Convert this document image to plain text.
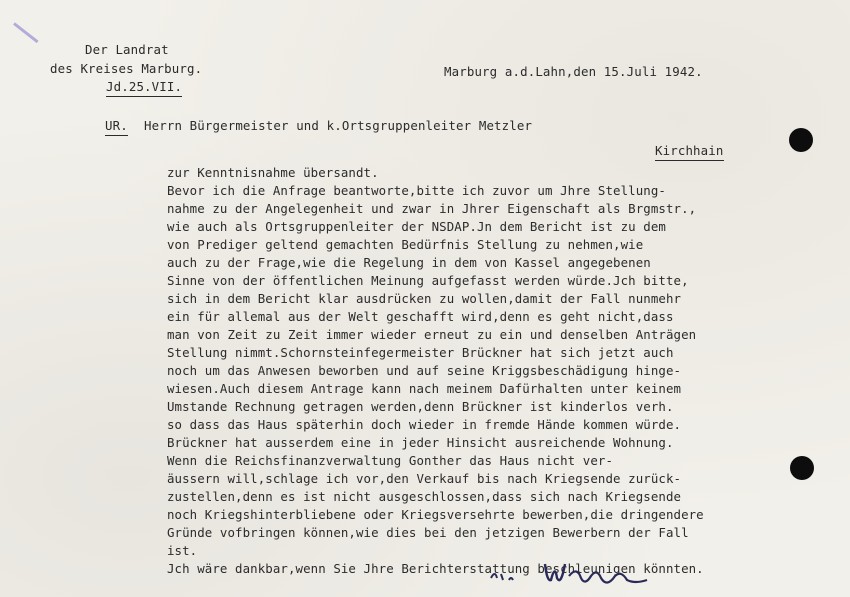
Der Landrat
des Kreises Marburg.
Jd.25.VII.
Marburg a.d.Lahn,den 15.Juli 1942.
UR. Herrn Bürgermeister und k.Ortsgruppenleiter Metzler
Kirchhain
zur Kenntnisnahme übersandt.
Bevor ich die Anfrage beantworte,bitte ich zuvor um Jhre Stellung-
nahme zu der Angelegenheit und zwar in Jhrer Eigenschaft als Brgmstr.,
wie auch als Ortsgruppenleiter der NSDAP.Jn dem Bericht ist zu dem
von Prediger geltend gemachten Bedürfnis Stellung zu nehmen,wie
auch zu der Frage,wie die Regelung in dem von Kassel angegebenen
Sinne von der öffentlichen Meinung aufgefasst werden würde.Jch bitte,
sich in dem Bericht klar ausdrücken zu wollen,damit der Fall nunmehr
ein für allemal aus der Welt geschafft wird,denn es geht nicht,dass
man von Zeit zu Zeit immer wieder erneut zu ein und denselben Anträgen
Stellung nimmt.Schornsteinfegermeister Brückner hat sich jetzt auch
noch um das Anwesen beworben und auf seine Kriggsbeschädigung hinge-
wiesen.Auch diesem Antrage kann nach meinem Dafürhalten unter keinem
Umstande Rechnung getragen werden,denn Brückner ist kinderlos verh.
so dass das Haus späterhin doch wieder in fremde Hände kommen würde.
Brückner hat ausserdem eine in jeder Hinsicht ausreichende Wohnung.
Wenn die Reichsfinanzverwaltung Gonther das Haus nicht ver-
äussern will,schlage ich vor,den Verkauf bis nach Kriegsende zurück-
zustellen,denn es ist nicht ausgeschlossen,dass sich nach Kriegsende
noch Kriegshinterbliebene oder Kriegsversehrte bewerben,die dringendere
Gründe vofbringen können,wie dies bei den jetzigen Bewerbern der Fall
ist.
Jch wäre dankbar,wenn Sie Jhre Berichterstattung beschleunigen könnten.
